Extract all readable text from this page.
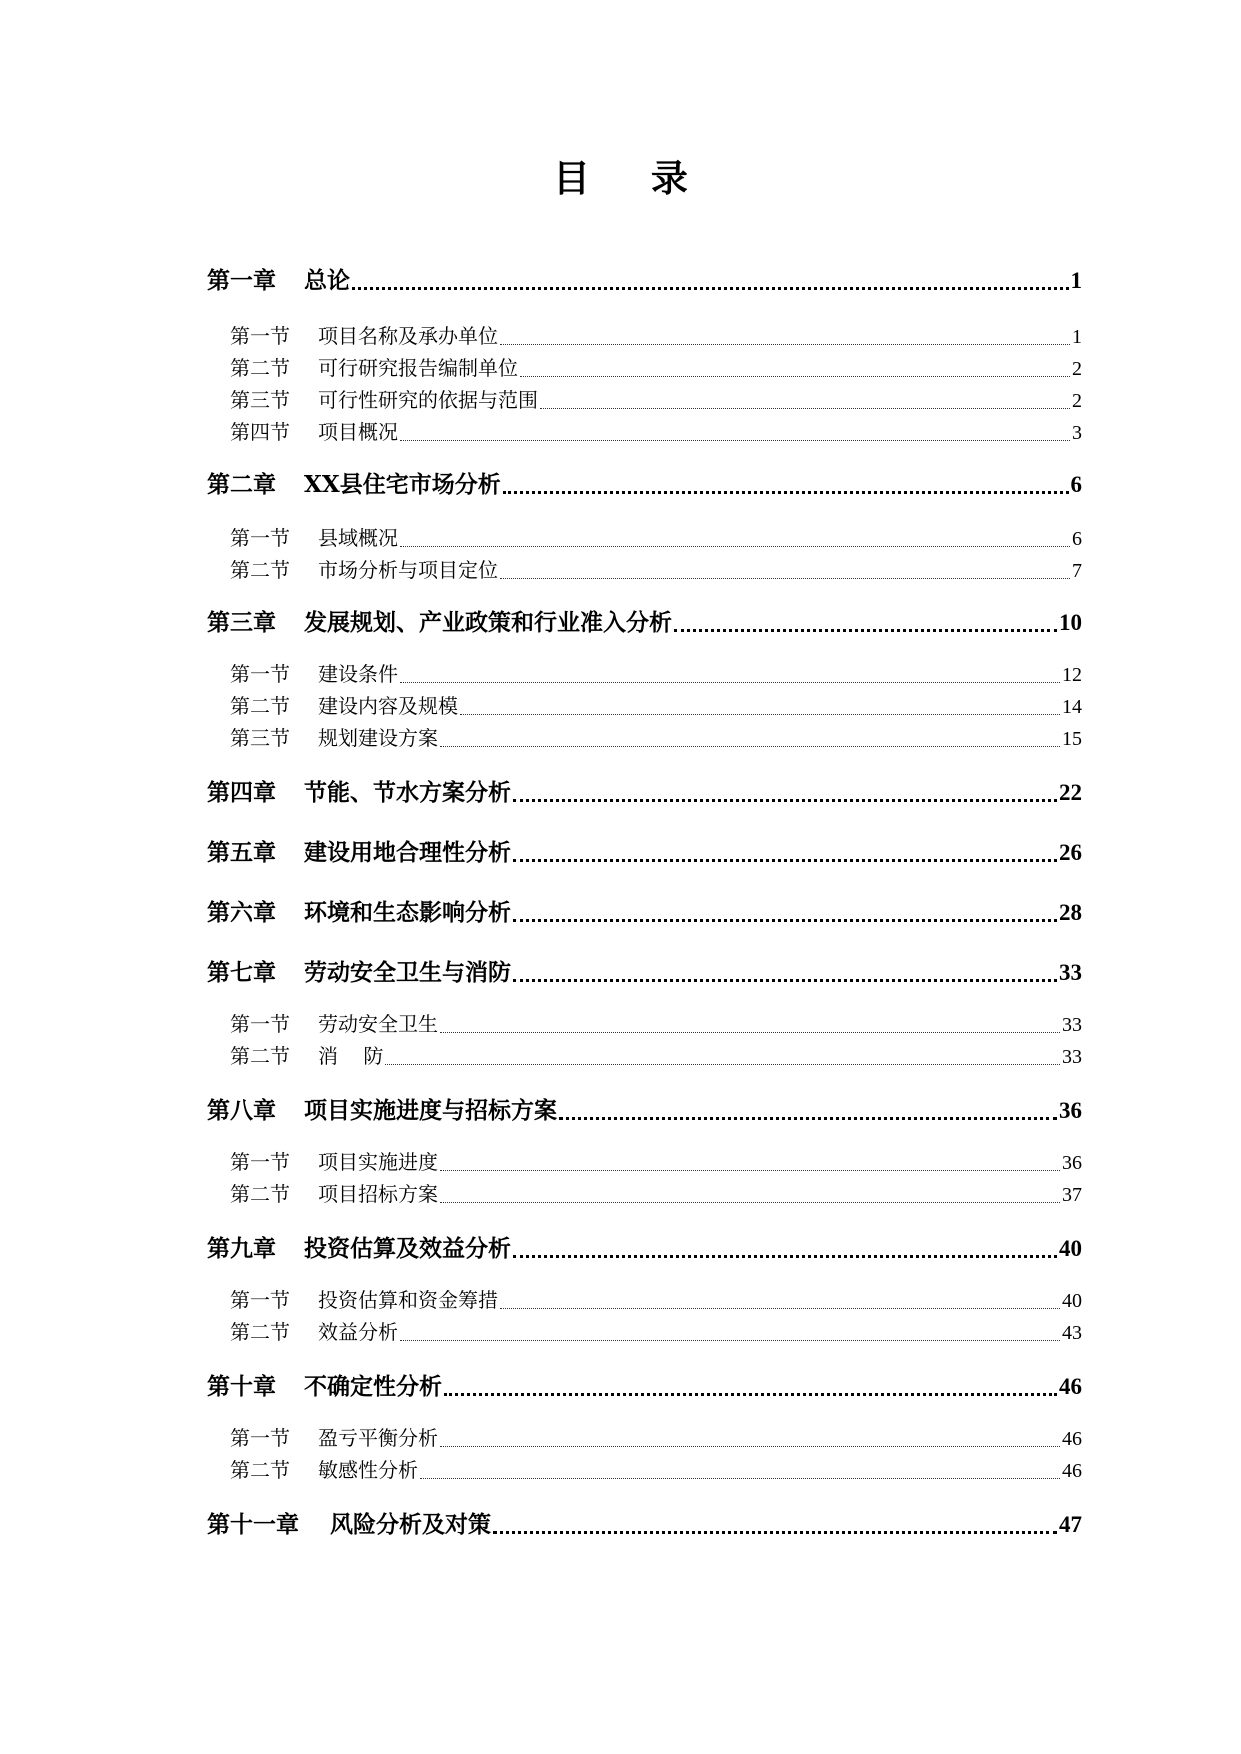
目 录
第一章	总论	1
第一节	项目名称及承办单位	1
第二节	可行研究报告编制单位	2
第三节	可行性研究的依据与范围	2
第四节	项目概况	3
第二章	XX县住宅市场分析	6
第一节	县域概况	6
第二节	市场分析与项目定位	7
第三章	发展规划、产业政策和行业准入分析	10
第一节	建设条件	12
第二节	建设内容及规模	14
第三节	规划建设方案	15
第四章	节能、节水方案分析	22
第五章	建设用地合理性分析	26
第六章	环境和生态影响分析	28
第七章	劳动安全卫生与消防	33
第一节	劳动安全卫生	33
第二节	消    防	33
第八章	项目实施进度与招标方案	36
第一节	项目实施进度	36
第二节	项目招标方案	37
第九章	投资估算及效益分析	40
第一节	投资估算和资金筹措	40
第二节	效益分析	43
第十章	不确定性分析	46
第一节	盈亏平衡分析	46
第二节	敏感性分析	46
第十一章	风险分析及对策	47
